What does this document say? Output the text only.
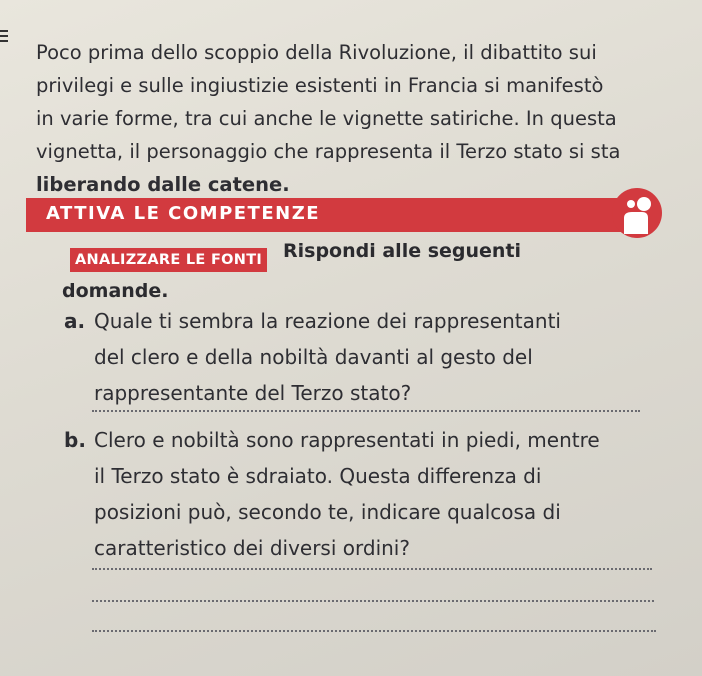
Poco prima dello scoppio della Rivoluzione, il dibattito sui

privilegi e sulle ingiustizie esistenti in Francia si manifestò

in varie forme, tra cui anche le vignette satiriche. In questa

vignetta, il personaggio che rappresenta il Terzo stato si sta

liberando dalle catene.

ATTIVA LE COMPETENZE
ANALIZZARE LE FONTI Rispondi alle seguenti
domande.
a. Quale ti sembra la reazione dei rappresentanti
del clero e della nobiltà davanti al gesto del
rappresentante del Terzo stato?
b. Clero e nobiltà sono rappresentati in piedi, mentre
il Terzo stato è sdraiato. Questa differenza di
posizioni può, secondo te, indicare qualcosa di
caratteristico dei diversi ordini?
